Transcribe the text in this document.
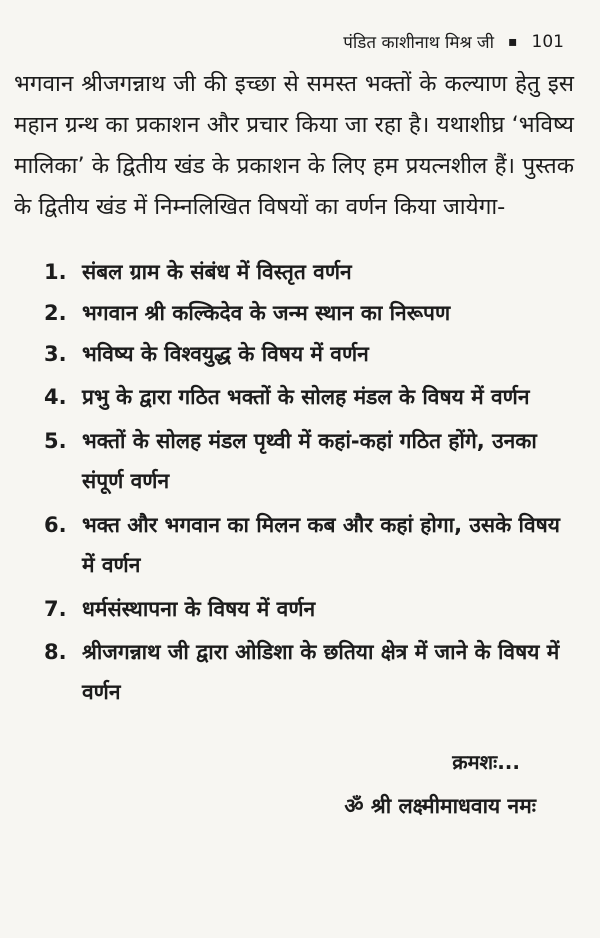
पंडित काशीनाथ मिश्र जी ▪ 101

भगवान श्रीजगन्नाथ जी की इच्छा से समस्त भक्तों के कल्याण हेतु इस महान ग्रन्थ का प्रकाशन और प्रचार किया जा रहा है। यथाशीघ्र ‘भविष्य मालिका’ के द्वितीय खंड के प्रकाशन के लिए हम प्रयत्नशील हैं। पुस्तक के द्वितीय खंड में निम्नलिखित विषयों का वर्णन किया जायेगा-

1. संबल ग्राम के संबंध में विस्तृत वर्णन
2. भगवान श्री कल्किदेव के जन्म स्थान का निरूपण
3. भविष्य के विश्वयुद्ध के विषय में वर्णन
4. प्रभु के द्वारा गठित भक्तों के सोलह मंडल के विषय में वर्णन
5. भक्तों के सोलह मंडल पृथ्वी में कहां-कहां गठित होंगे, उनका संपूर्ण वर्णन
6. भक्त और भगवान का मिलन कब और कहां होगा, उसके विषय में वर्णन
7. धर्मसंस्थापना के विषय में वर्णन
8. श्रीजगन्नाथ जी द्वारा ओडिशा के छतिया क्षेत्र में जाने के विषय में वर्णन
क्रमशः...
ॐ श्री लक्ष्मीमाधवाय नमः
